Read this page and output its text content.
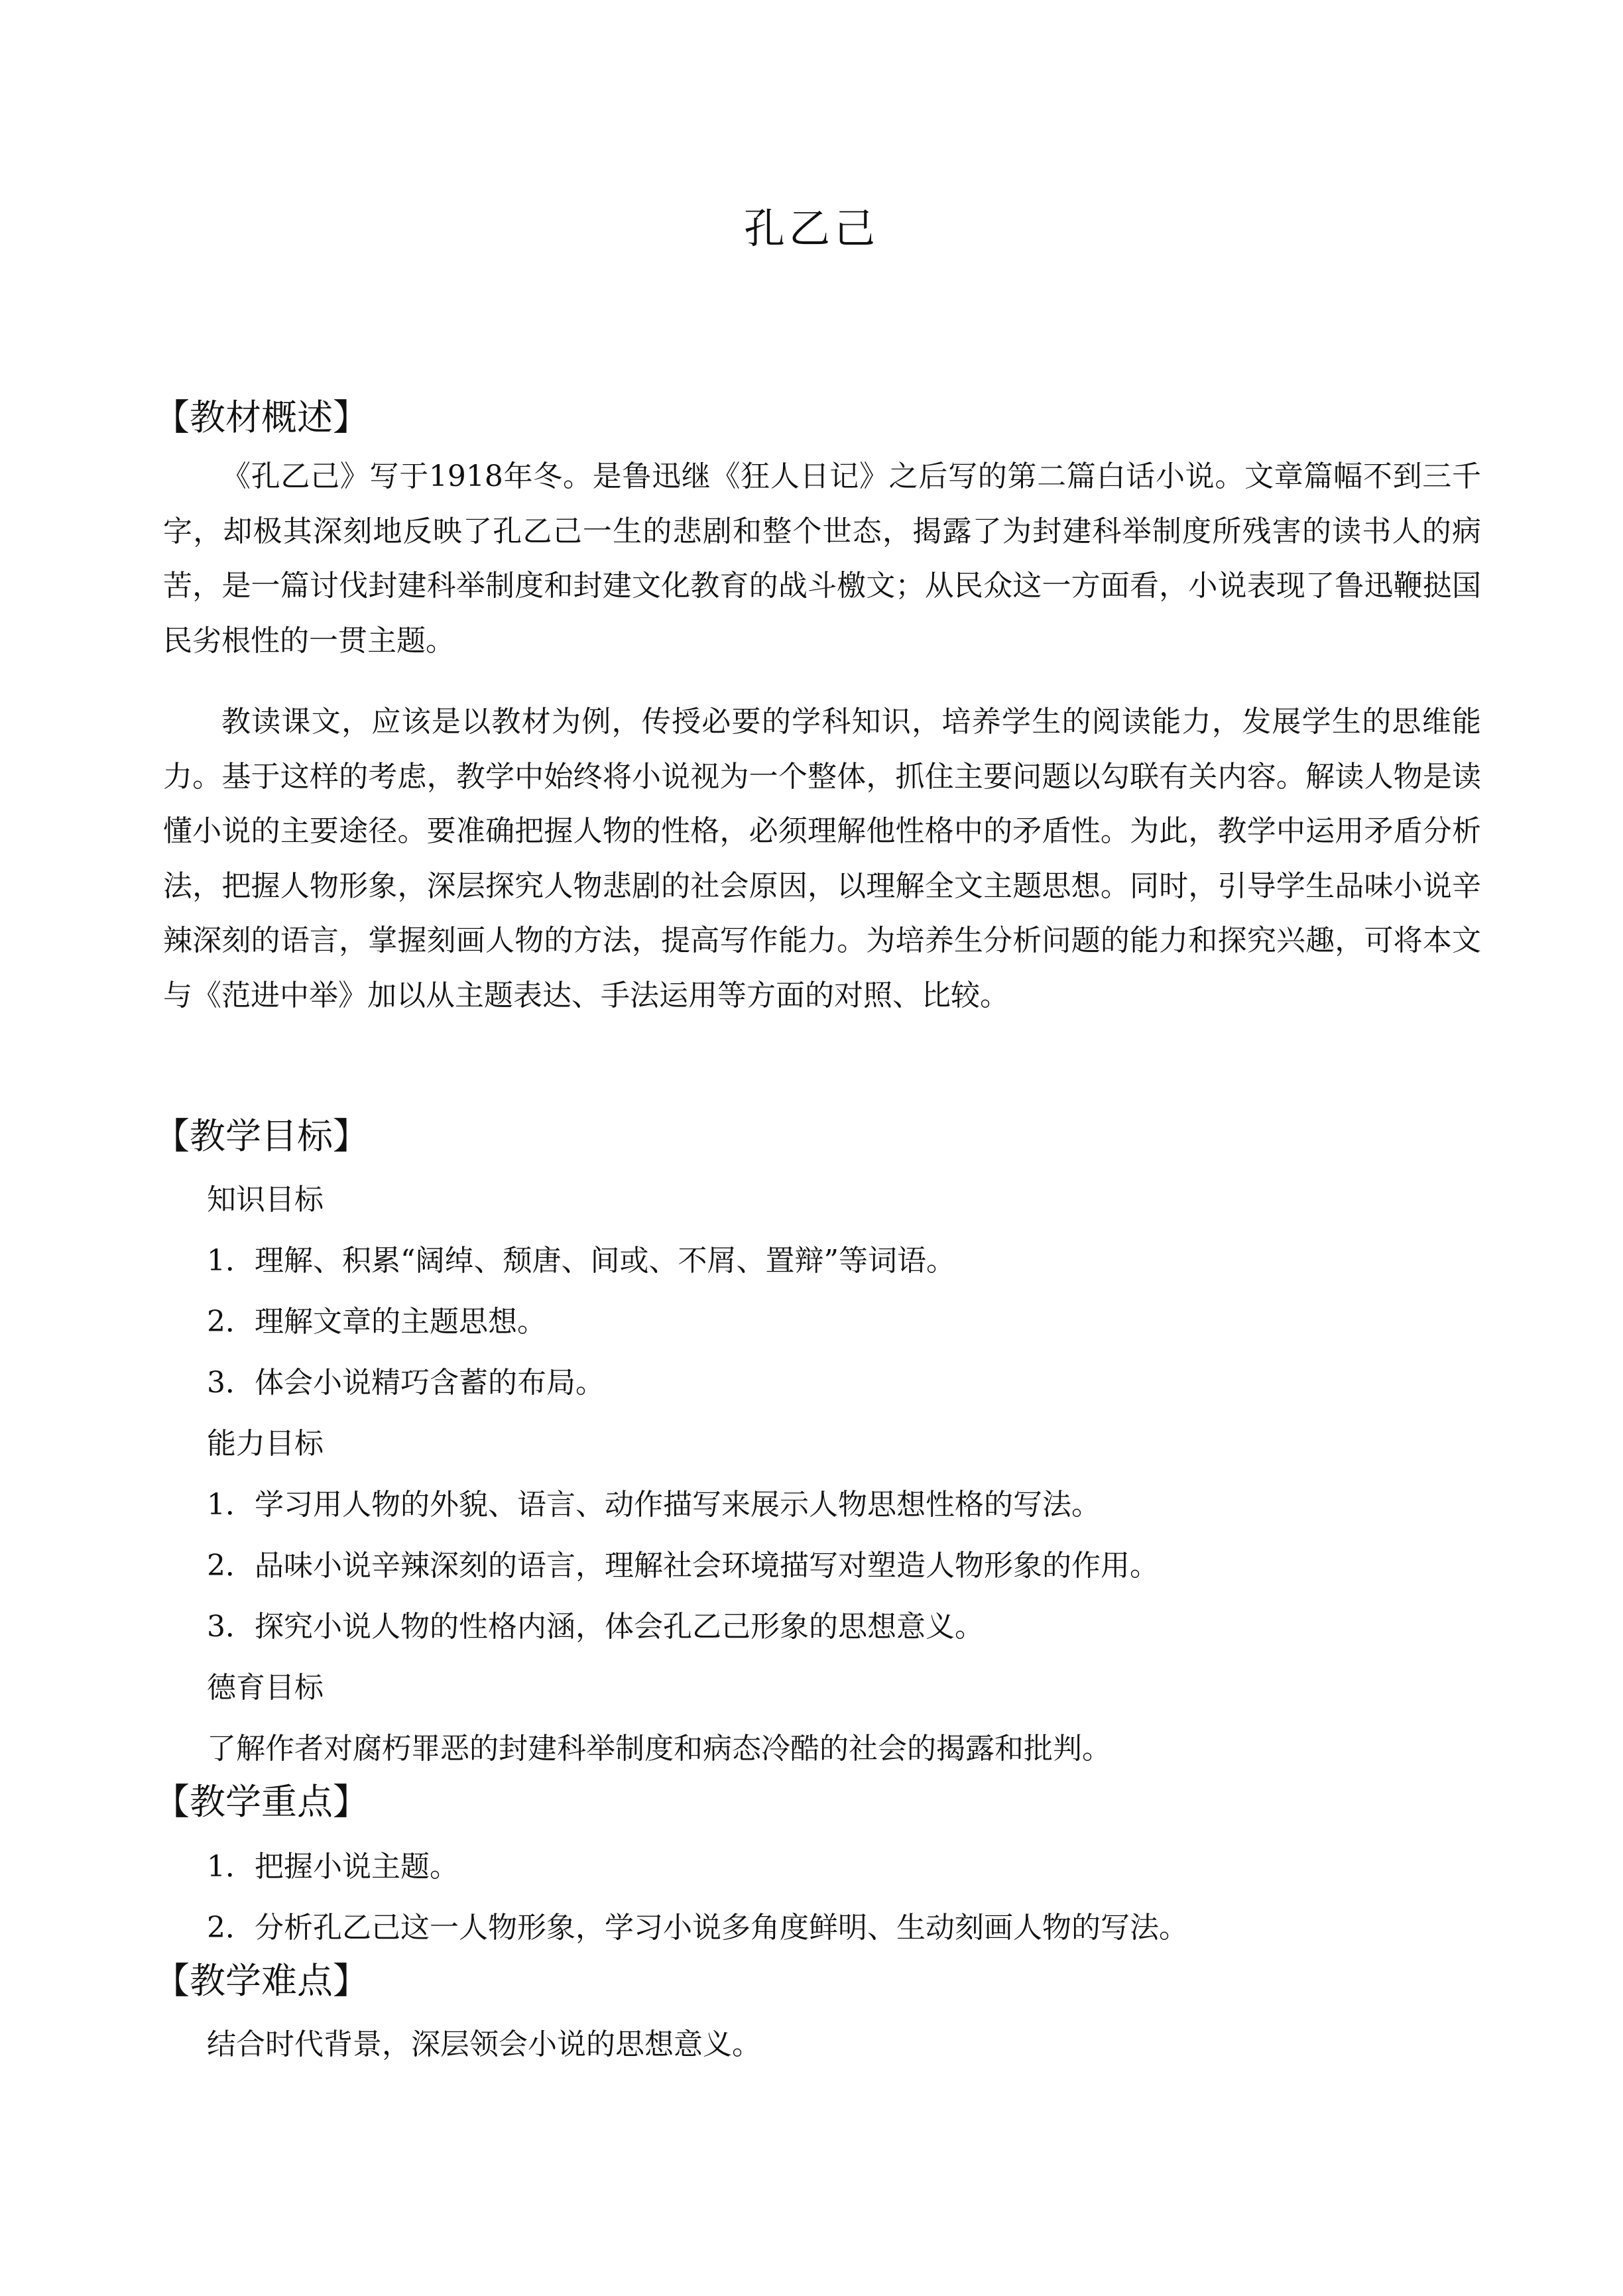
孔乙己
【教材概述】
《孔乙己》写于1918年冬。是鲁迅继《狂人日记》之后写的第二篇白话小说。文章篇幅不到三千字，却极其深刻地反映了孔乙己一生的悲剧和整个世态，揭露了为封建科举制度所残害的读书人的病苦，是一篇讨伐封建科举制度和封建文化教育的战斗檄文；从民众这一方面看，小说表现了鲁迅鞭挞国民劣根性的一贯主题。
教读课文，应该是以教材为例，传授必要的学科知识，培养学生的阅读能力，发展学生的思维能力。基于这样的考虑，教学中始终将小说视为一个整体，抓住主要问题以勾联有关内容。解读人物是读懂小说的主要途径。要准确把握人物的性格，必须理解他性格中的矛盾性。为此，教学中运用矛盾分析法，把握人物形象，深层探究人物悲剧的社会原因，以理解全文主题思想。同时，引导学生品味小说辛辣深刻的语言，掌握刻画人物的方法，提高写作能力。为培养生分析问题的能力和探究兴趣，可将本文与《范进中举》加以从主题表达、手法运用等方面的对照、比较。
【教学目标】
知识目标
1．理解、积累“阔绰、颓唐、间或、不屑、置辩”等词语。
2．理解文章的主题思想。
3．体会小说精巧含蓄的布局。
能力目标
1．学习用人物的外貌、语言、动作描写来展示人物思想性格的写法。
2．品味小说辛辣深刻的语言，理解社会环境描写对塑造人物形象的作用。
3．探究小说人物的性格内涵，体会孔乙己形象的思想意义。
德育目标
了解作者对腐朽罪恶的封建科举制度和病态冷酷的社会的揭露和批判。
【教学重点】
1．把握小说主题。
2．分析孔乙己这一人物形象，学习小说多角度鲜明、生动刻画人物的写法。
【教学难点】
结合时代背景，深层领会小说的思想意义。
